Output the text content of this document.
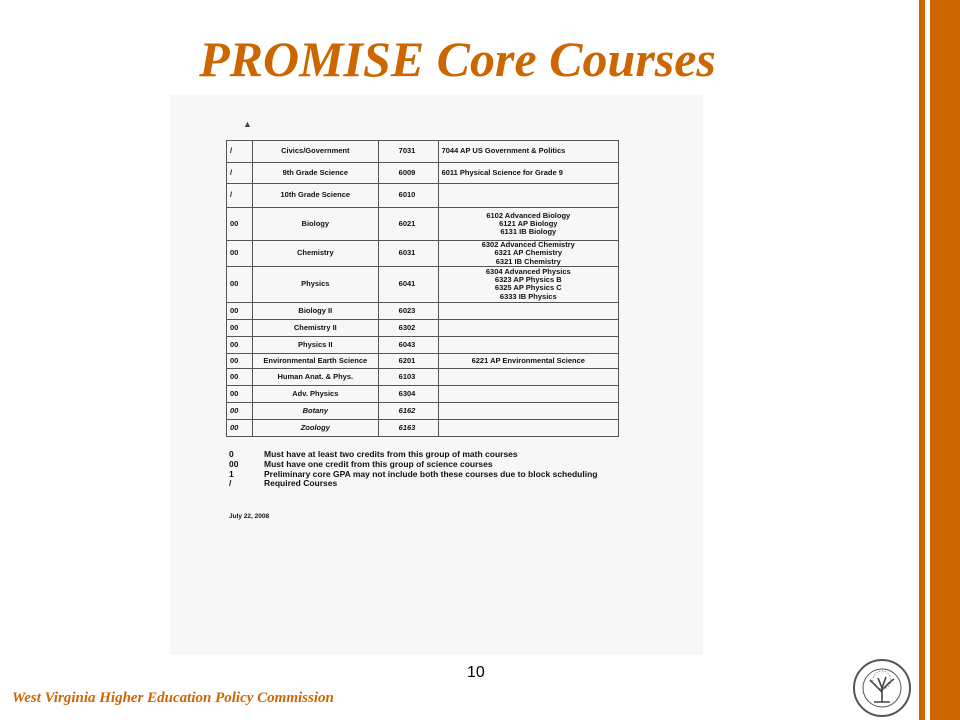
PROMISE Core Courses
▲
/	Civics/Government	7031	7044 AP US Government & Politics

/	9th Grade Science	6009	6011 Physical Science for Grade 9

/	10th Grade Science	6010	
00	Biology	6021	6102 Advanced Biology
6121 AP Biology
6131 IB Biology

00	Chemistry	6031	6302 Advanced Chemistry
6321 AP Chemistry
6321 IB Chemistry

00	Physics	6041	6304 Advanced Physics
6323 AP Physics B
6325 AP Physics C
6333 IB Physics

00	Biology II	6023	
00	Chemistry II	6302	
00	Physics II	6043	
00	Environmental Earth Science	6201	6221 AP Environmental Science

00	Human Anat. & Phys.	6103	
00	Adv. Physics	6304	
00	Botany	6162	
00	Zoology	6163	
0	Must have at least two credits from this group of math courses
00	Must have one credit from this group of science courses
1	Preliminary core GPA may not include both these courses due to block scheduling
/	Required Courses
July 22, 2008
10
West Virginia Higher Education Policy Commission
